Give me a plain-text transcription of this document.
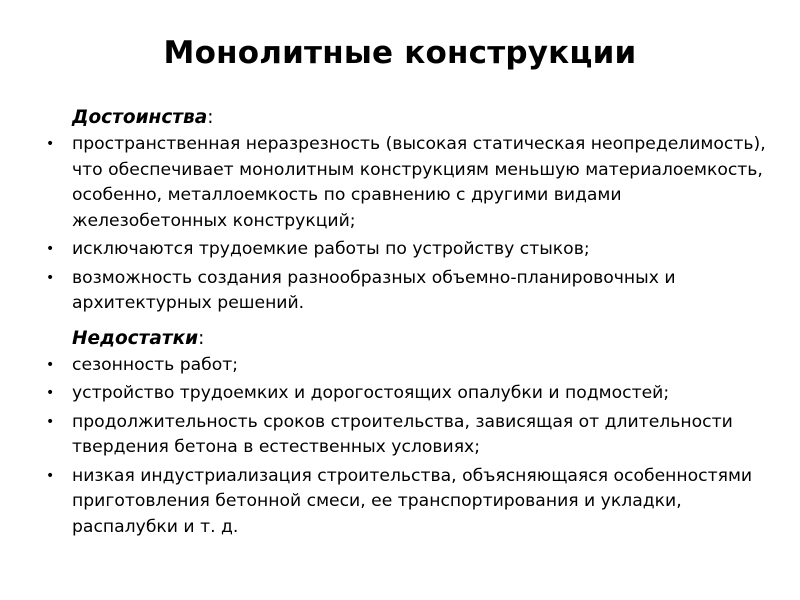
Монолитные конструкции
Достоинства:
• пространственная неразрезность (высокая статическая неопределимость), что обеспечивает монолитным конструкциям меньшую материалоемкость, особенно, металлоемкость по сравнению с другими видами железобетонных конструкций;
• исключаются трудоемкие работы по устройству стыков;
• возможность создания разнообразных объемно-планировочных и архитектурных решений.
Недостатки:
• сезонность работ;
• устройство трудоемких и дорогостоящих опалубки и подмостей;
• продолжительность сроков строительства, зависящая от длительности твердения бетона в естественных условиях;
• низкая индустриализация строительства, объясняющаяся особенностями приготовления бетонной смеси, ее транспортирования и укладки, распалубки и т. д.
